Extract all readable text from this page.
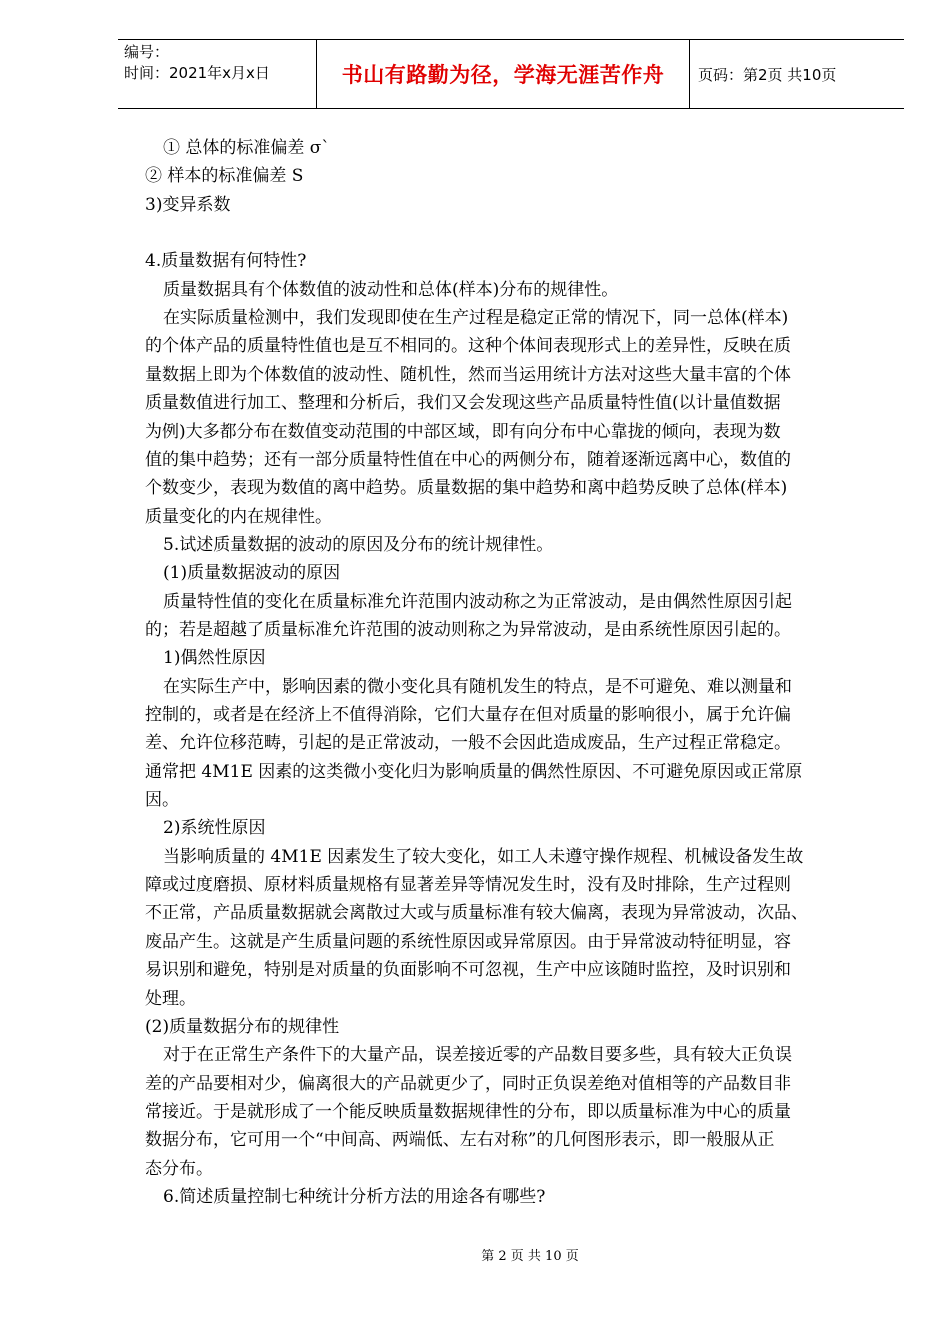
编号：
时间：2021年x月x日	书山有路勤为径，学海无涯苦作舟 页码：第2页 共10页
① 总体的标准偏差 σ`
② 样本的标准偏差 S
3)变异系数
4.质量数据有何特性?
质量数据具有个体数值的波动性和总体(样本)分布的规律性。
在实际质量检测中，我们发现即使在生产过程是稳定正常的情况下，同一总体(样本)
的个体产品的质量特性值也是互不相同的。这种个体间表现形式上的差异性，反映在质
量数据上即为个体数值的波动性、随机性，然而当运用统计方法对这些大量丰富的个体
质量数值进行加工、整理和分析后，我们又会发现这些产品质量特性值(以计量值数据
为例)大多都分布在数值变动范围的中部区域，即有向分布中心靠拢的倾向，表现为数
值的集中趋势；还有一部分质量特性值在中心的两侧分布，随着逐渐远离中心，数值的
个数变少，表现为数值的离中趋势。质量数据的集中趋势和离中趋势反映了总体(样本)
质量变化的内在规律性。
5.试述质量数据的波动的原因及分布的统计规律性。
(1)质量数据波动的原因
质量特性值的变化在质量标准允许范围内波动称之为正常波动，是由偶然性原因引起
的；若是超越了质量标准允许范围的波动则称之为异常波动，是由系统性原因引起的。
1)偶然性原因
在实际生产中，影响因素的微小变化具有随机发生的特点，是不可避免、难以测量和
控制的，或者是在经济上不值得消除，它们大量存在但对质量的影响很小，属于允许偏
差、允许位移范畴，引起的是正常波动，一般不会因此造成废品，生产过程正常稳定。
通常把 4M1E 因素的这类微小变化归为影响质量的偶然性原因、不可避免原因或正常原
因。
2)系统性原因
当影响质量的 4M1E 因素发生了较大变化，如工人未遵守操作规程、机械设备发生故
障或过度磨损、原材料质量规格有显著差异等情况发生时，没有及时排除，生产过程则
不正常，产品质量数据就会离散过大或与质量标准有较大偏离，表现为异常波动，次品、
废品产生。这就是产生质量问题的系统性原因或异常原因。由于异常波动特征明显，容
易识别和避免，特别是对质量的负面影响不可忽视，生产中应该随时监控，及时识别和
处理。
(2)质量数据分布的规律性
对于在正常生产条件下的大量产品，误差接近零的产品数目要多些，具有较大正负误
差的产品要相对少，偏离很大的产品就更少了，同时正负误差绝对值相等的产品数目非
常接近。于是就形成了一个能反映质量数据规律性的分布，即以质量标准为中心的质量
数据分布，它可用一个“中间高、两端低、左右对称”的几何图形表示，即一般服从正
态分布。
6.简述质量控制七种统计分析方法的用途各有哪些?
第 2 页 共 10 页
